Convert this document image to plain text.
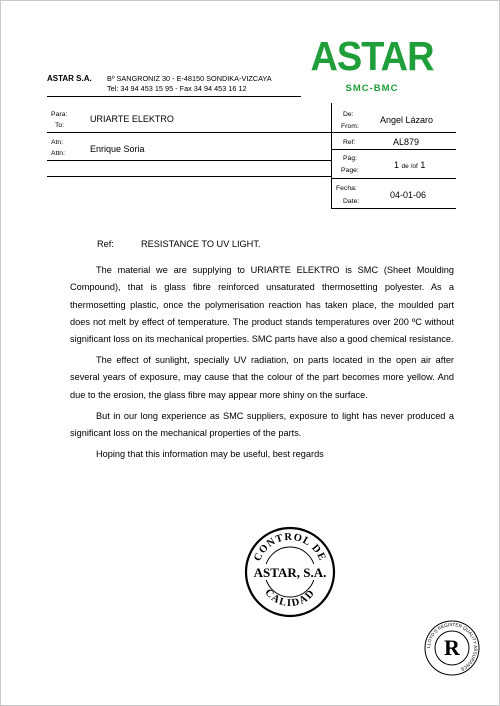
ASTAR S.A. Bº SANGRONIZ 30 - E-48150 SONDIKA-VIZCAYA
Tel: 34 94 453 15 95 - Fax 34 94 453 16 12
ASTAR
SMC-BMC
Para:
To:
URIARTE ELEKTRO
Atn:
Attn:	Enrique Soria
De:
From:
Angel Lázaro
Ref:	AL879
Pág:
Page:
1 de /of 1
Fecha:
Date:
04-01-06
Ref:	RESISTANCE TO UV LIGHT.

The material we are supplying to URIARTE ELEKTRO is SMC (Sheet Moulding Compound), that is glass fibre reinforced unsaturated thermosetting polyester. As a thermosetting plastic, once the polymerisation reaction has taken place, the moulded part does not melt by effect of temperature. The product stands temperatures over 200 ºC without significant loss on its mechanical properties. SMC parts have also a good chemical resistance.

The effect of sunlight, specially UV radiation, on parts located in the open air after several years of exposure, may cause that the colour of the part becomes more yellow. And due to the erosion, the glass fibre may appear more shiny on the surface.

But in our long experience as SMC suppliers, exposure to light has never produced a significant loss on the mechanical properties of the parts.

Hoping that this information may be useful, best regards

CONTROL DE
CALIDAD
ASTAR, S.A.
LLOYD'S REGISTER QUALITY ASSURANCE
R
